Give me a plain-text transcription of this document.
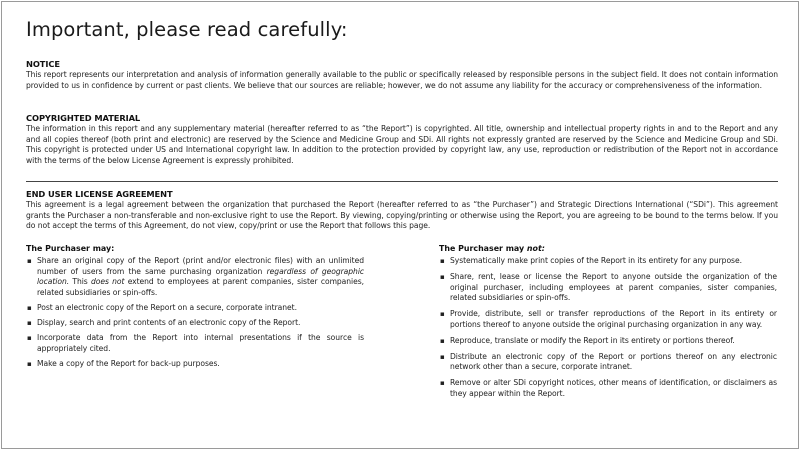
Important, please read carefully:
NOTICE
This report represents our interpretation and analysis of information generally available to the public or specifically released by responsible persons in the subject field. It does not contain information provided to us in confidence by current or past clients. We believe that our sources are reliable; however, we do not assume any liability for the accuracy or comprehensiveness of the information.
COPYRIGHTED MATERIAL
The information in this report and any supplementary material (hereafter referred to as “the Report”) is copyrighted. All title, ownership and intellectual property rights in and to the Report and any and all copies thereof (both print and electronic) are reserved by the Science and Medicine Group and SDi. All rights not expressly granted are reserved by the Science and Medicine Group and SDi. This copyright is protected under US and International copyright law. In addition to the protection provided by copyright law, any use, reproduction or redistribution of the Report not in accordance with the terms of the below License Agreement is expressly prohibited.
END USER LICENSE AGREEMENT
This agreement is a legal agreement between the organization that purchased the Report (hereafter referred to as “the Purchaser”) and Strategic Directions International (“SDi”). This agreement grants the Purchaser a non-transferable and non-exclusive right to use the Report. By viewing, copying/printing or otherwise using the Report, you are agreeing to be bound to the terms below. If you do not accept the terms of this Agreement, do not view, copy/print or use the Report that follows this page.
The Purchaser may:
▪ Share an original copy of the Report (print and/or electronic files) with an unlimited number of users from the same purchasing organization regardless of geographic location. This does not extend to employees at parent companies, sister companies, related subsidiaries or spin-offs.
▪ Post an electronic copy of the Report on a secure, corporate intranet.
▪ Display, search and print contents of an electronic copy of the Report.
▪ Incorporate data from the Report into internal presentations if the source is appropriately cited.
▪ Make a copy of the Report for back-up purposes.
The Purchaser may not:
▪ Systematically make print copies of the Report in its entirety for any purpose.
▪ Share, rent, lease or license the Report to anyone outside the organization of the original purchaser, including employees at parent companies, sister companies, related subsidiaries or spin-offs.
▪ Provide, distribute, sell or transfer reproductions of the Report in its entirety or portions thereof to anyone outside the original purchasing organization in any way.
▪ Reproduce, translate or modify the Report in its entirety or portions thereof.
▪ Distribute an electronic copy of the Report or portions thereof on any electronic network other than a secure, corporate intranet.
▪ Remove or alter SDi copyright notices, other means of identification, or disclaimers as they appear within the Report.
